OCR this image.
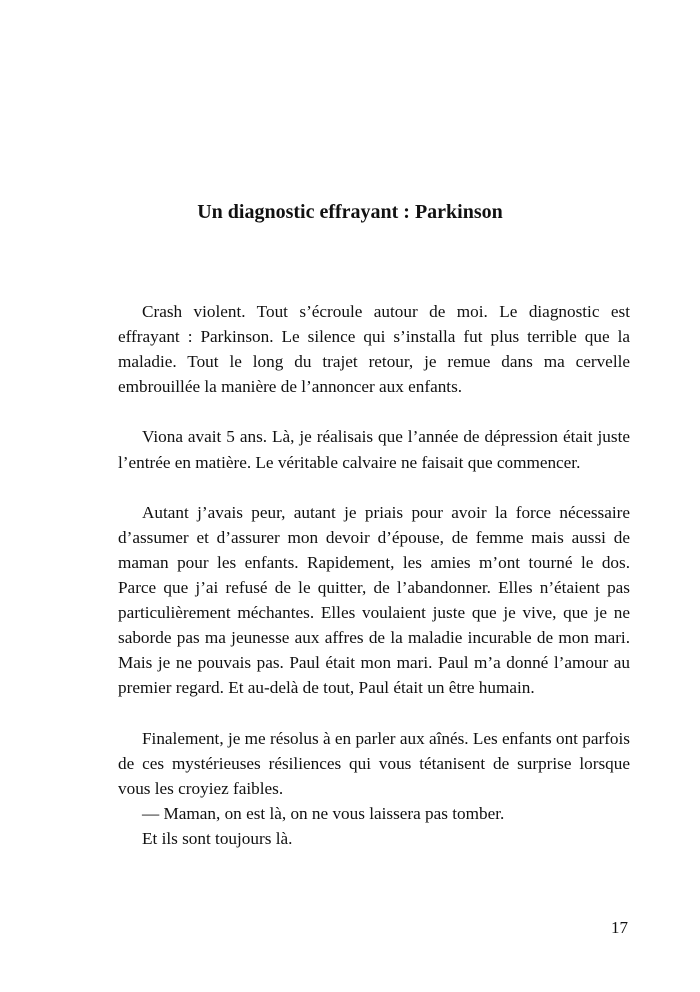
Un diagnostic effrayant : Parkinson

Crash violent. Tout s’écroule autour de moi. Le diagnostic est effrayant : Parkinson. Le silence qui s’installa fut plus terrible que la maladie. Tout le long du trajet retour, je remue dans ma cervelle embrouillée la manière de l’annoncer aux enfants.

Viona avait 5 ans. Là, je réalisais que l’année de dépression était juste l’entrée en matière. Le véritable calvaire ne faisait que commencer.

Autant j’avais peur, autant je priais pour avoir la force nécessaire d’assumer et d’assurer mon devoir d’épouse, de femme mais aussi de maman pour les enfants. Rapidement, les amies m’ont tourné le dos. Parce que j’ai refusé de le quitter, de l’abandonner. Elles n’étaient pas particulièrement méchantes. Elles voulaient juste que je vive, que je ne saborde pas ma jeunesse aux affres de la maladie incurable de mon mari. Mais je ne pouvais pas. Paul était mon mari. Paul m’a donné l’amour au premier regard. Et au-delà de tout, Paul était un être humain.

Finalement, je me résolus à en parler aux aînés. Les enfants ont parfois de ces mystérieuses résiliences qui vous tétanisent de surprise lorsque vous les croyiez faibles.

— Maman, on est là, on ne vous laissera pas tomber.

Et ils sont toujours là.

17
